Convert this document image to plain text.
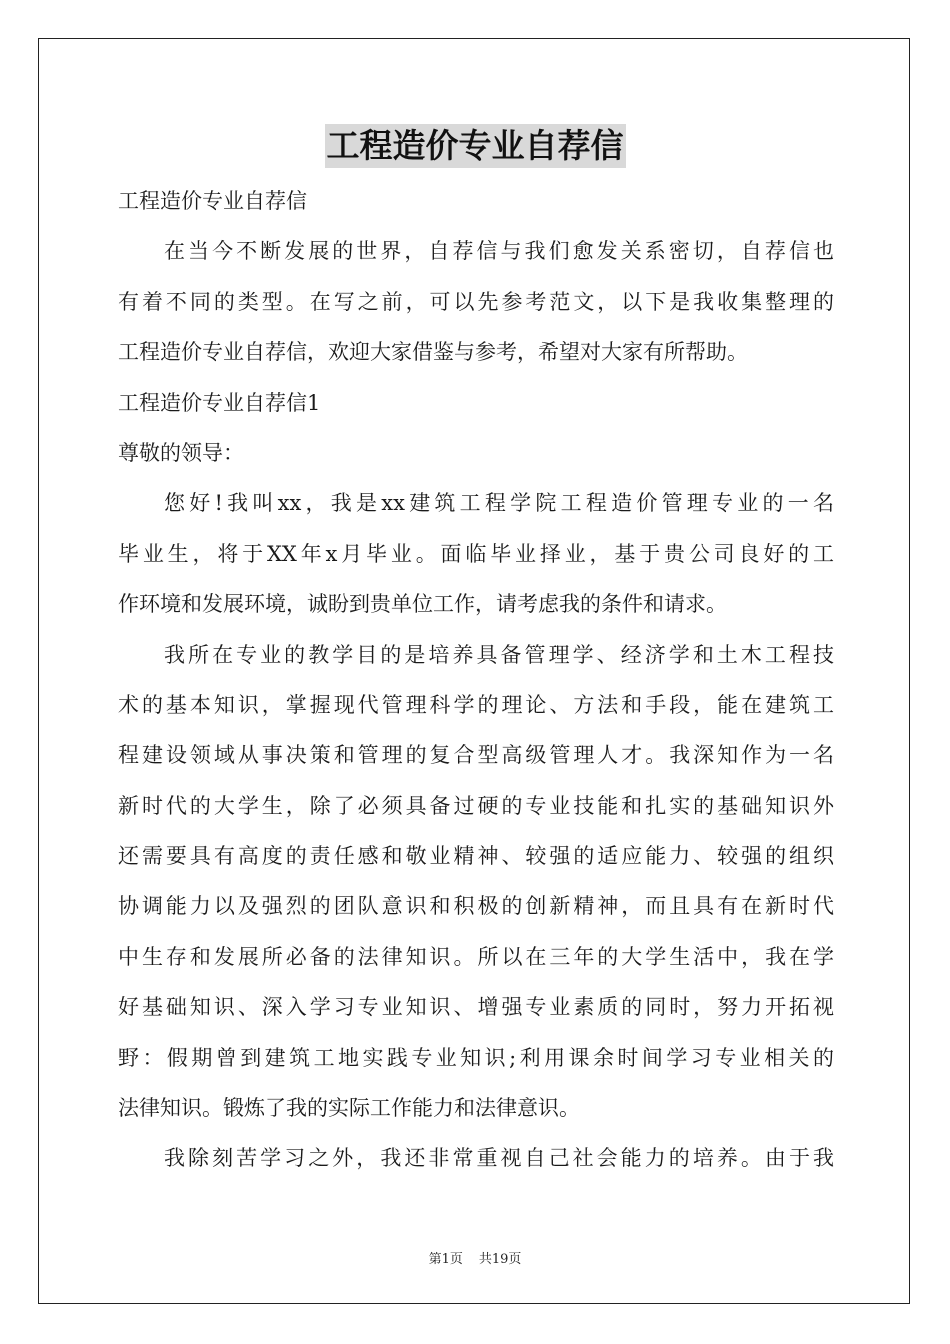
工程造价专业自荐信
工程造价专业自荐信
在当今不断发展的世界，自荐信与我们愈发关系密切，自荐信也
有着不同的类型。在写之前，可以先参考范文，以下是我收集整理的
工程造价专业自荐信，欢迎大家借鉴与参考，希望对大家有所帮助。
工程造价专业自荐信1
尊敬的领导：
您好!我叫xx，我是xx建筑工程学院工程造价管理专业的一名
毕业生，将于XX年x月毕业。面临毕业择业，基于贵公司良好的工
作环境和发展环境，诚盼到贵单位工作，请考虑我的条件和请求。
我所在专业的教学目的是培养具备管理学、经济学和土木工程技
术的基本知识，掌握现代管理科学的理论、方法和手段，能在建筑工
程建设领域从事决策和管理的复合型高级管理人才。我深知作为一名
新时代的大学生，除了必须具备过硬的专业技能和扎实的基础知识外
还需要具有高度的责任感和敬业精神、较强的适应能力、较强的组织
协调能力以及强烈的团队意识和积极的创新精神，而且具有在新时代
中生存和发展所必备的法律知识。所以在三年的大学生活中，我在学
好基础知识、深入学习专业知识、增强专业素质的同时，努力开拓视
野：假期曾到建筑工地实践专业知识;利用课余时间学习专业相关的
法律知识。锻炼了我的实际工作能力和法律意识。
我除刻苦学习之外，我还非常重视自己社会能力的培养。由于我
第1页 共19页
